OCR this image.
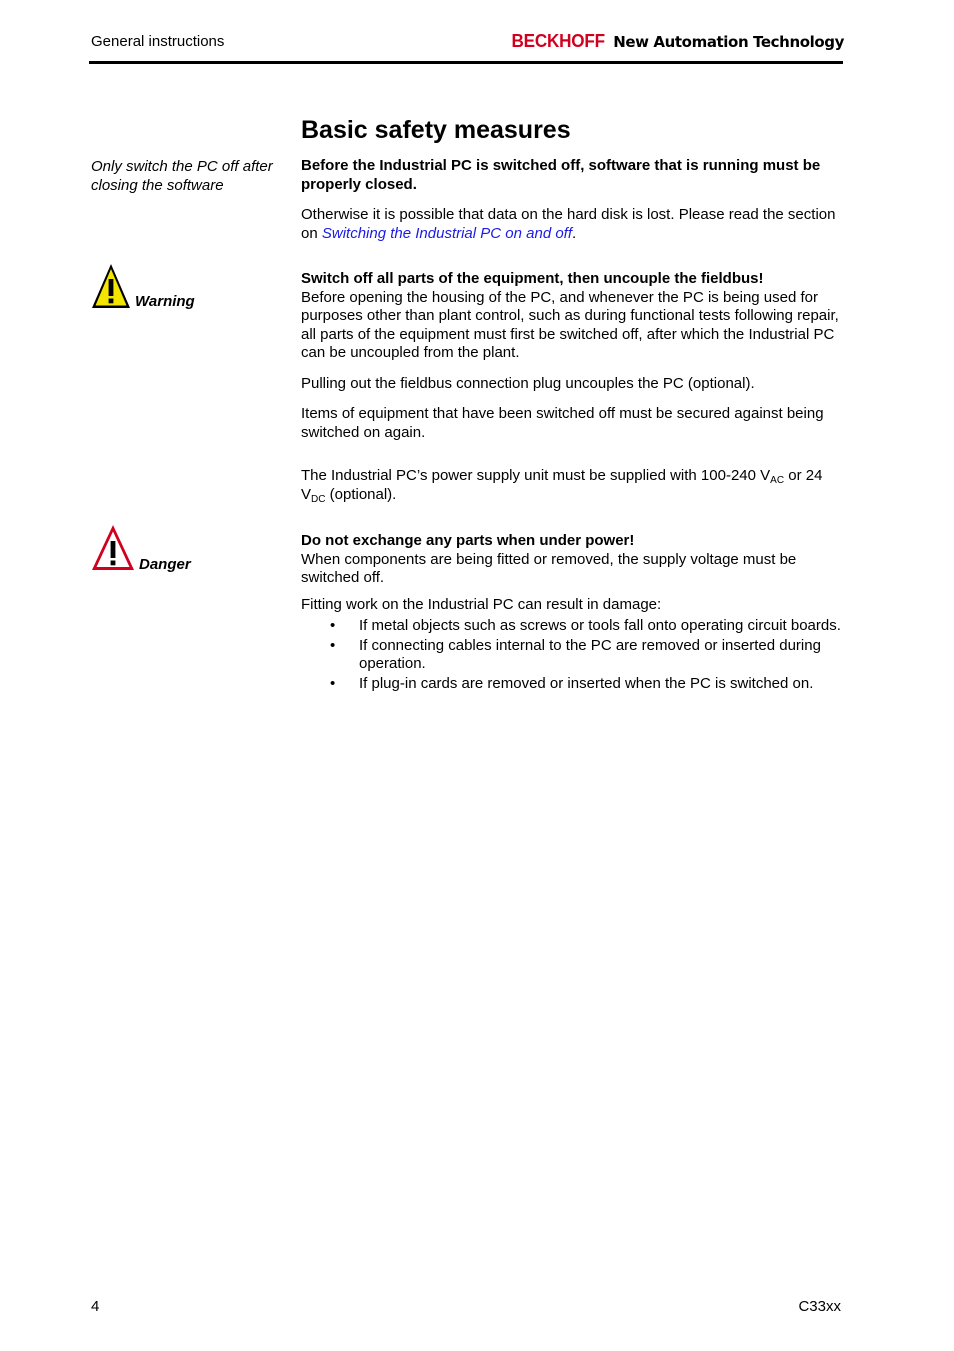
General instructions	BECKHOFF New Automation Technology
Basic safety measures
Only switch the PC off after closing the software

Before the Industrial PC is switched off, software that is running must be properly closed.

Otherwise it is possible that data on the hard disk is lost. Please read the section on Switching the Industrial PC on and off.

Warning

Switch off all parts of the equipment, then uncouple the fieldbus!

Before opening the housing of the PC, and whenever the PC is being used for purposes other than plant control, such as during functional tests following repair, all parts of the equipment must first be switched off, after which the Industrial PC can be uncoupled from the plant.

Pulling out the fieldbus connection plug uncouples the PC (optional).

Items of equipment that have been switched off must be secured against being switched on again.

The Industrial PC’s power supply unit must be supplied with 100-240 $V_{AC}$ or 24 $V_{DC}$ (optional).

Danger

Do not exchange any parts when under power!

When components are being fitted or removed, the supply voltage must be switched off.

Fitting work on the Industrial PC can result in damage:

• If metal objects such as screws or tools fall onto operating circuit boards.
• If connecting cables internal to the PC are removed or inserted during operation.
• If plug-in cards are removed or inserted when the PC is switched on.
4	C33xx
